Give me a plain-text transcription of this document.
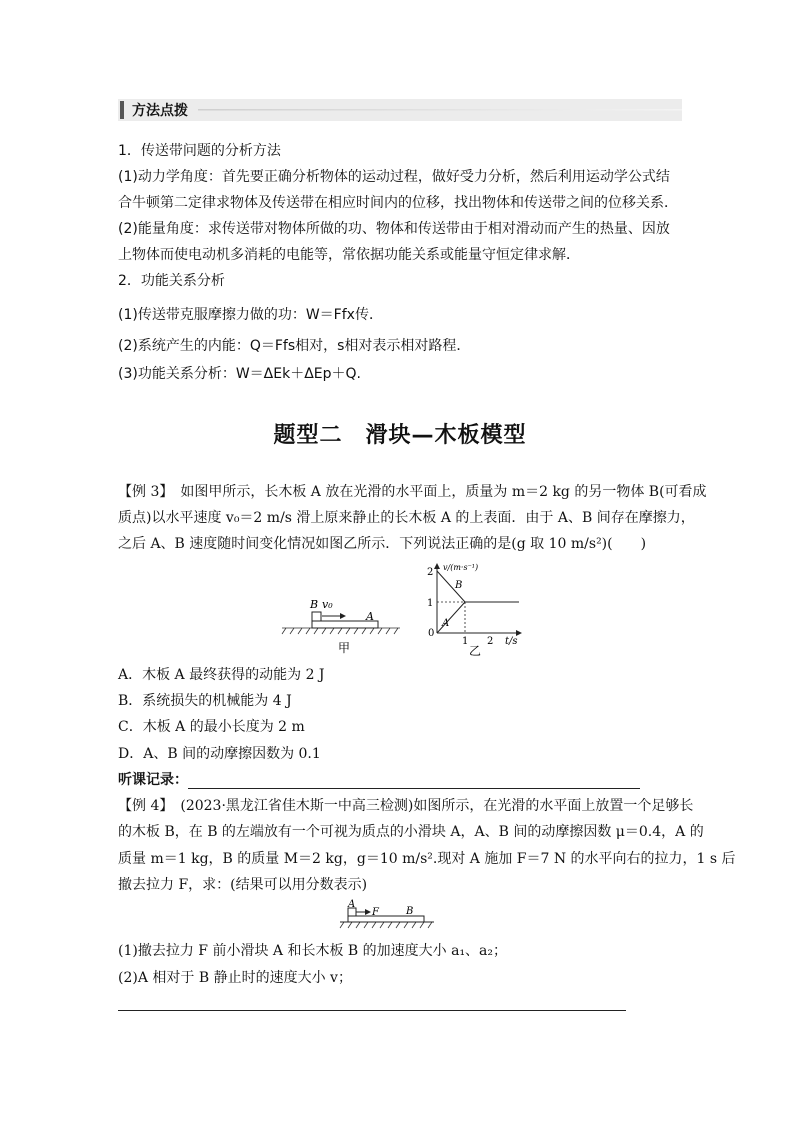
方法点拨
1．传送带问题的分析方法
(1)动力学角度：首先要正确分析物体的运动过程，做好受力分析，然后利用运动学公式结
合牛顿第二定律求物体及传送带在相应时间内的位移，找出物体和传送带之间的位移关系．
(2)能量角度：求传送带对物体所做的功、物体和传送带由于相对滑动而产生的热量、因放
上物体而使电动机多消耗的电能等，常依据功能关系或能量守恒定律求解．
2．功能关系分析
(1)传送带克服摩擦力做的功：W＝Ffx传．
(2)系统产生的内能：Q＝Ffs相对，s相对表示相对路程．
(3)功能关系分析：W＝ΔEk＋ΔEp＋Q.
题型二　滑块—木板模型
【例 3】　如图甲所示，长木板 A 放在光滑的水平面上，质量为 m＝2 kg 的另一物体 B(可看成
质点)以水平速度 v₀＝2 m/s 滑上原来静止的长木板 A 的上表面．由于 A、B 间存在摩擦力，
之后 A、B 速度随时间变化情况如图乙所示．下列说法正确的是(g 取 10 m/s²)(　　)
B v₀
A
甲
2
1
0
1 2 t/s
v/(m·s⁻¹)
B
A
乙
A．木板 A 最终获得的动能为 2 J
B．系统损失的机械能为 4 J
C．木板 A 的最小长度为 2 m
D．A、B 间的动摩擦因数为 0.1
听课记录：
【例 4】　(2023·黑龙江省佳木斯一中高三检测)如图所示，在光滑的水平面上放置一个足够长
的木板 B，在 B 的左端放有一个可视为质点的小滑块 A，A、B 间的动摩擦因数 μ＝0.4，A 的
质量 m＝1 kg，B 的质量 M＝2 kg，g＝10 m/s².现对 A 施加 F＝7 N 的水平向右的拉力，1 s 后
撤去拉力 F，求：(结果可以用分数表示)
A
F	B
(1)撤去拉力 F 前小滑块 A 和长木板 B 的加速度大小 a₁、a₂；
(2)A 相对于 B 静止时的速度大小 v；
